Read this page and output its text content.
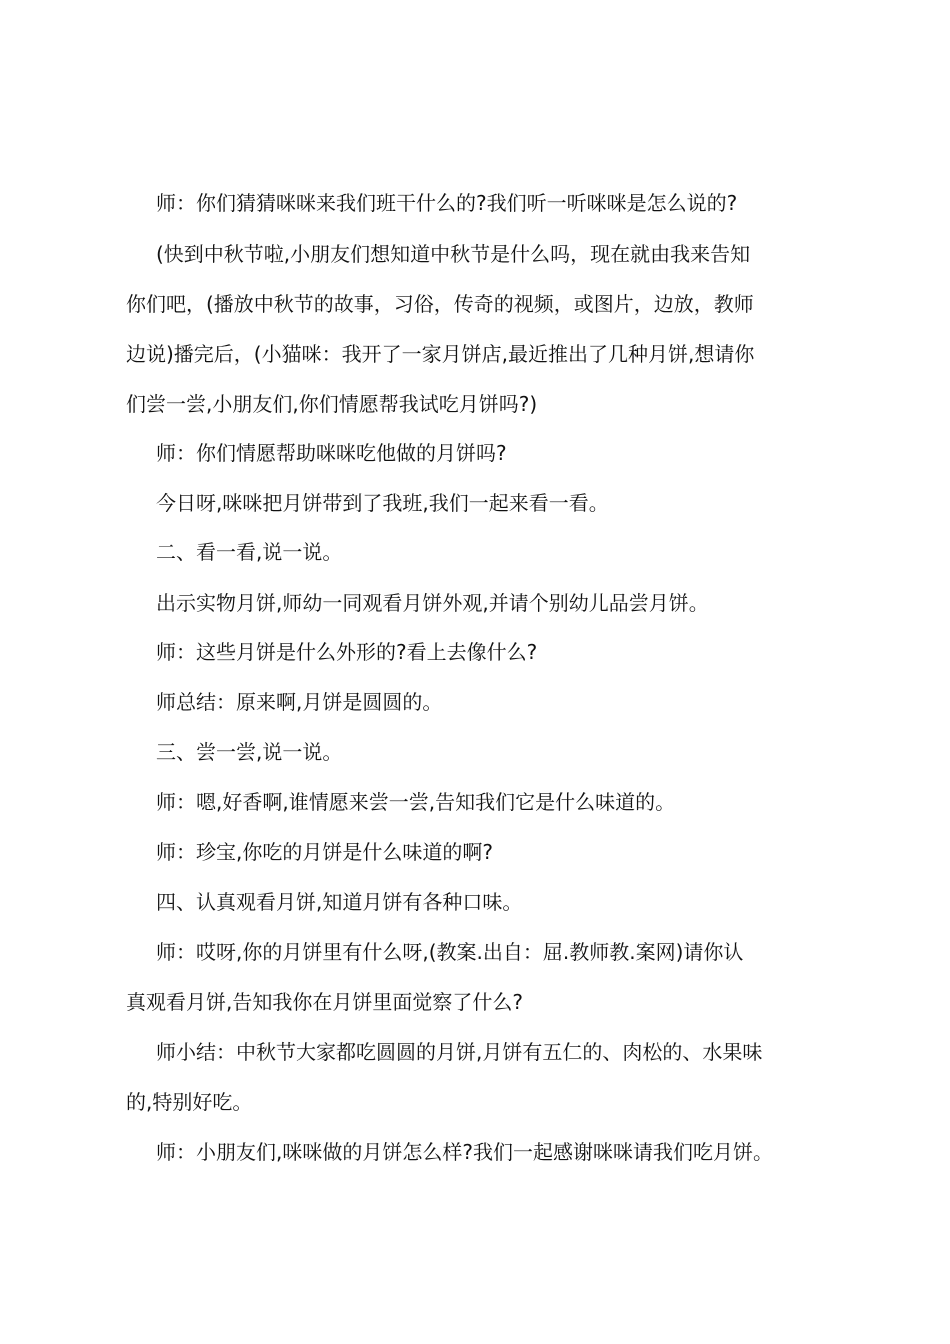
师：你们猜猜咪咪来我们班干什么的?我们听一听咪咪是怎么说的?

(快到中秋节啦,小朋友们想知道中秋节是什么吗，现在就由我来告知
你们吧，(播放中秋节的故事，习俗，传奇的视频，或图片，边放，教师
边说)播完后，(小猫咪：我开了一家月饼店,最近推出了几种月饼,想请你
们尝一尝,小朋友们,你们情愿帮我试吃月饼吗?)

师：你们情愿帮助咪咪吃他做的月饼吗?

今日呀,咪咪把月饼带到了我班,我们一起来看一看。

二、看一看,说一说。

出示实物月饼,师幼一同观看月饼外观,并请个别幼儿品尝月饼。

师：这些月饼是什么外形的?看上去像什么?

师总结：原来啊,月饼是圆圆的。

三、尝一尝,说一说。

师：嗯,好香啊,谁情愿来尝一尝,告知我们它是什么味道的。

师：珍宝,你吃的月饼是什么味道的啊?

四、认真观看月饼,知道月饼有各种口味。

师：哎呀,你的月饼里有什么呀,(教案.出自：屈.教师教.案网)请你认
真观看月饼,告知我你在月饼里面觉察了什么?

师小结：中秋节大家都吃圆圆的月饼,月饼有五仁的、肉松的、水果味
的,特别好吃。

师：小朋友们,咪咪做的月饼怎么样?我们一起感谢咪咪请我们吃月饼。
